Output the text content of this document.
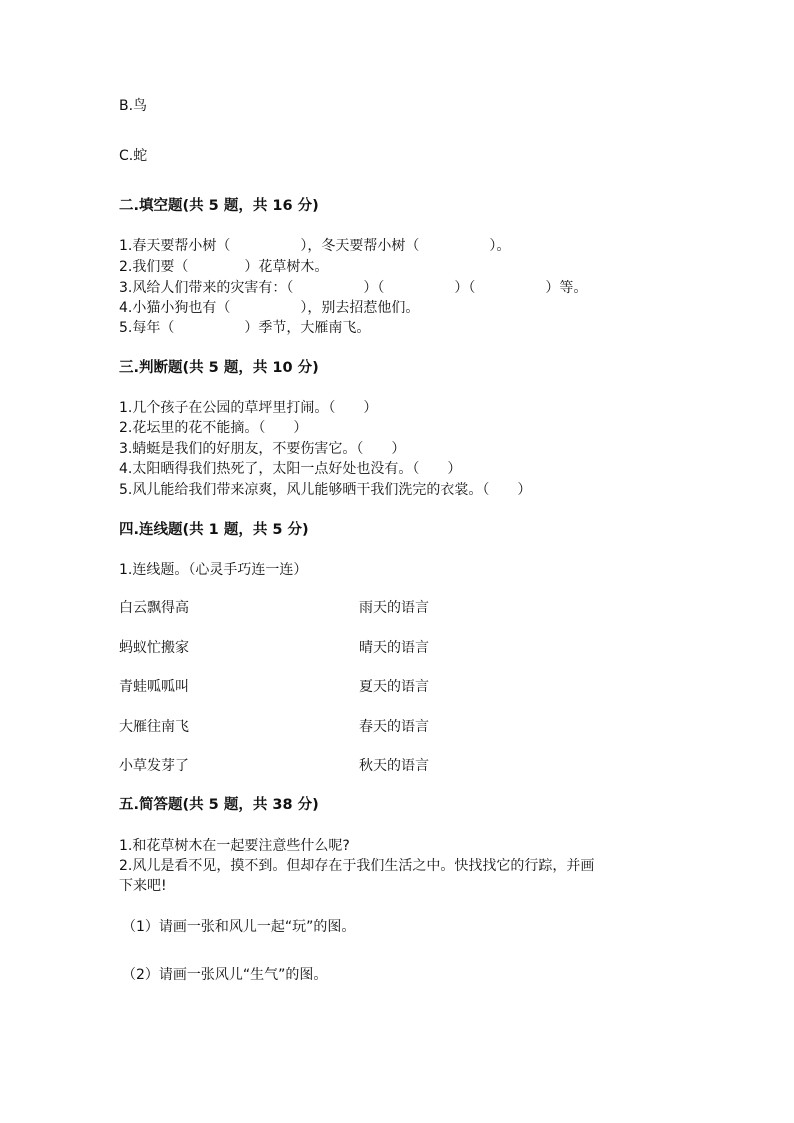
B.鸟
C.蛇
二.填空题(共 5 题，共 16 分)
1.春天要帮小树（　　　　　），冬天要帮小树（　　　　　）。
2.我们要（　　　　）花草树木。
3.风给人们带来的灾害有：（　　　　　）（　　　　　）（　　　　　）等。
4.小猫小狗也有（　　　　　），别去招惹他们。
5.每年（　　　　　）季节，大雁南飞。
三.判断题(共 5 题，共 10 分)
1.几个孩子在公园的草坪里打闹。（　　）
2.花坛里的花不能摘。（　　）
3.蜻蜓是我们的好朋友，不要伤害它。（　　）
4.太阳晒得我们热死了，太阳一点好处也没有。（　　）
5.风儿能给我们带来凉爽，风儿能够晒干我们洗完的衣裳。（　　）
四.连线题(共 1 题，共 5 分)
1.连线题。（心灵手巧连一连）
白云飘得高	雨天的语言
蚂蚁忙搬家	晴天的语言
青蛙呱呱叫	夏天的语言
大雁往南飞	春天的语言
小草发芽了	秋天的语言
五.简答题(共 5 题，共 38 分)
1.和花草树木在一起要注意些什么呢?
2.风儿是看不见，摸不到。但却存在于我们生活之中。快找找它的行踪，并画
下来吧!
（1）请画一张和风儿一起“玩”的图。
（2）请画一张风儿“生气”的图。
